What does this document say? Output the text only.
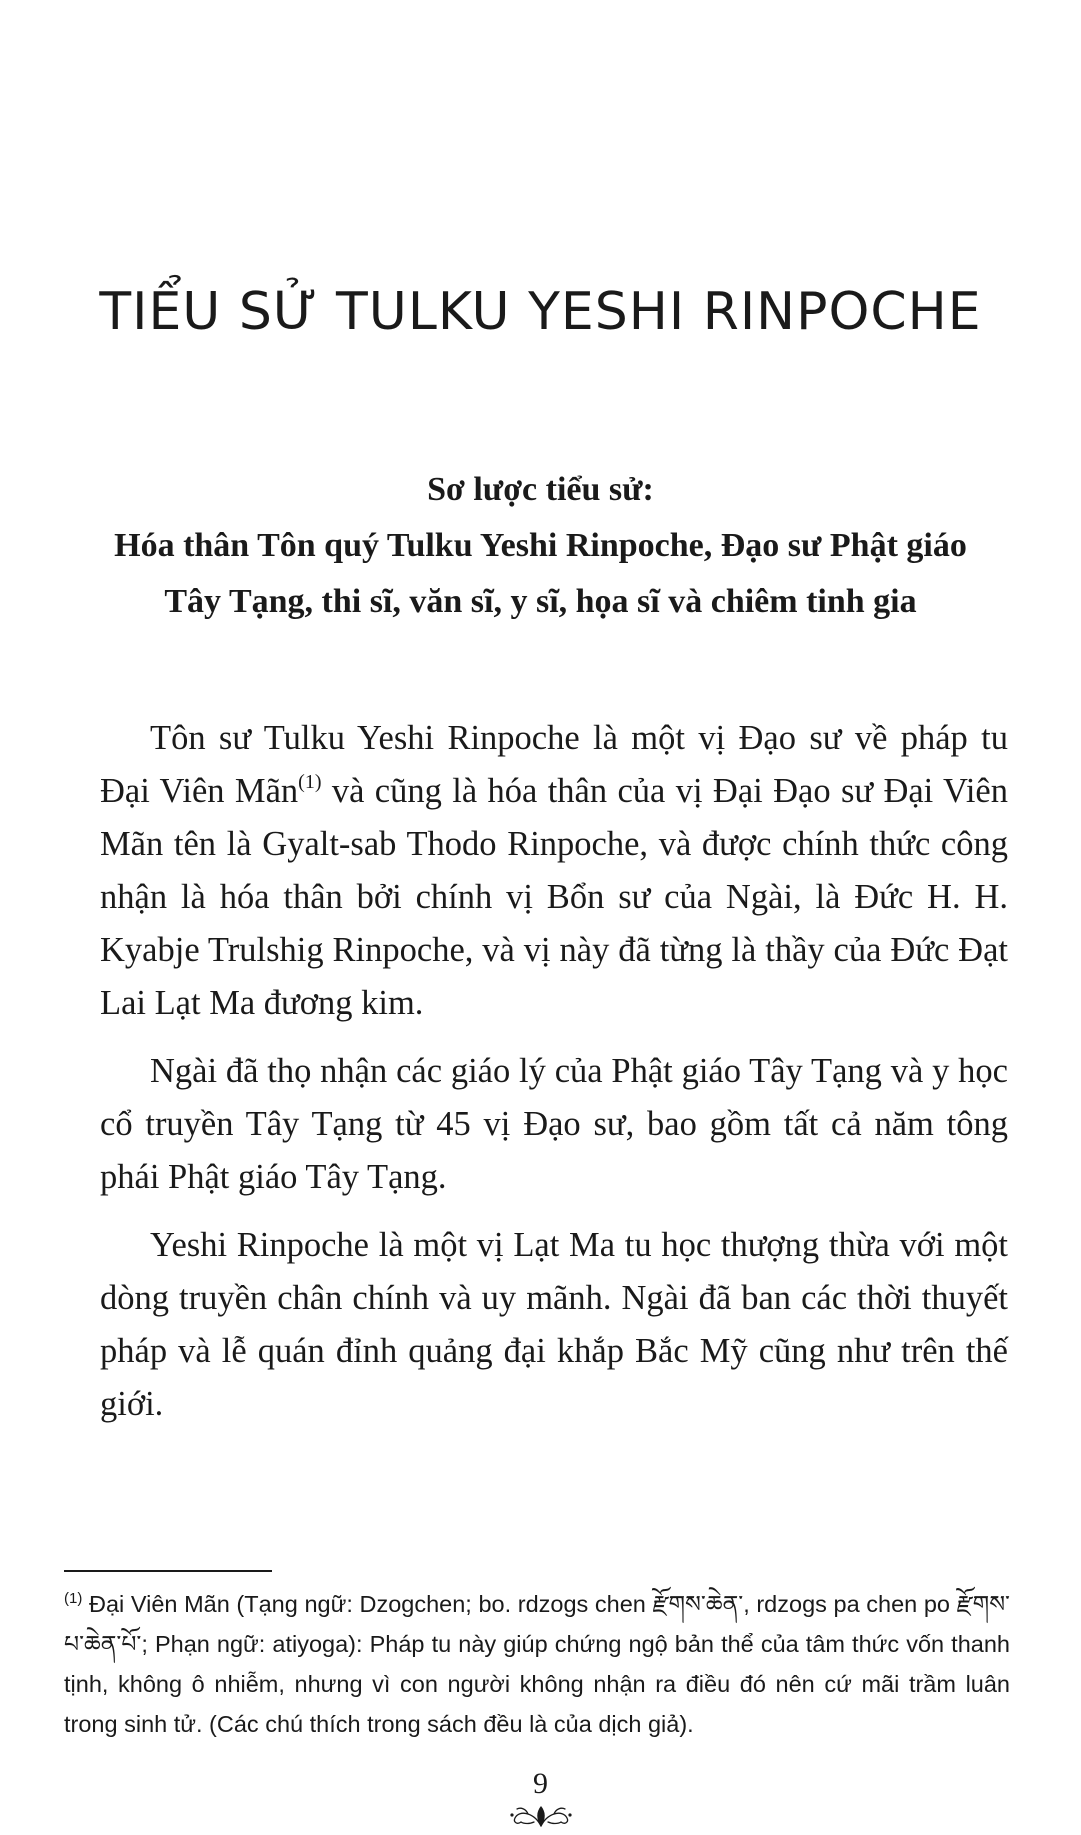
TIỂU SỬ TULKU YESHI RINPOCHE
Sơ lược tiểu sử:
Hóa thân Tôn quý Tulku Yeshi Rinpoche, Đạo sư Phật giáo
Tây Tạng, thi sĩ, văn sĩ, y sĩ, họa sĩ và chiêm tinh gia

Tôn sư Tulku Yeshi Rinpoche là một vị Đạo sư về pháp tu Đại Viên Mãn$^{(1)}$ và cũng là hóa thân của vị Đại Đạo sư Đại Viên Mãn tên là Gyalt-sab Thodo Rinpoche, và được chính thức công nhận là hóa thân bởi chính vị Bổn sư của Ngài, là Đức H. H. Kyabje Trulshig Rinpoche, và vị này đã từng là thầy của Đức Đạt Lai Lạt Ma đương kim.

Ngài đã thọ nhận các giáo lý của Phật giáo Tây Tạng và y học cổ truyền Tây Tạng từ 45 vị Đạo sư, bao gồm tất cả năm tông phái Phật giáo Tây Tạng.

Yeshi Rinpoche là một vị Lạt Ma tu học thượng thừa với một dòng truyền chân chính và uy mãnh. Ngài đã ban các thời thuyết pháp và lễ quán đỉnh quảng đại khắp Bắc Mỹ cũng như trên thế giới.

$^{(1)}$ Đại Viên Mãn (Tạng ngữ: Dzogchen; bo. rdzogs chen རྫོགས་ཆེན་, rdzogs pa chen po རྫོགས་པ་ཆེན་པོ་; Phạn ngữ: atiyoga): Pháp tu này giúp chứng ngộ bản thể của tâm thức vốn thanh tịnh, không ô nhiễm, nhưng vì con người không nhận ra điều đó nên cứ mãi trầm luân trong sinh tử. (Các chú thích trong sách đều là của dịch giả).
9
